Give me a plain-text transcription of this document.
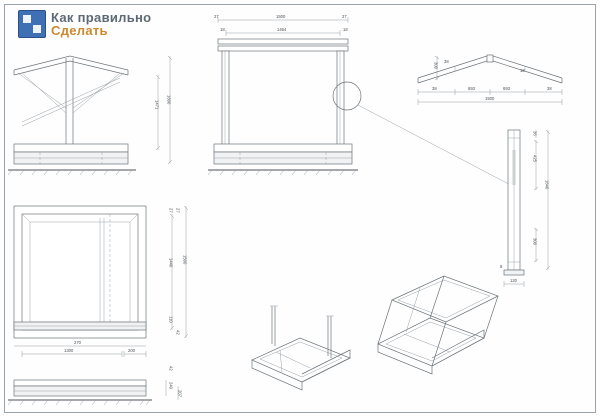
Как правильно
Сделать
1600
1471
1500
27	27
1464
18	18
300
38
18
38	693	693	38
1500
36
425
1640
300
8
120
1300	200
270
1500
1440
27 27
110
42
240
207
42
